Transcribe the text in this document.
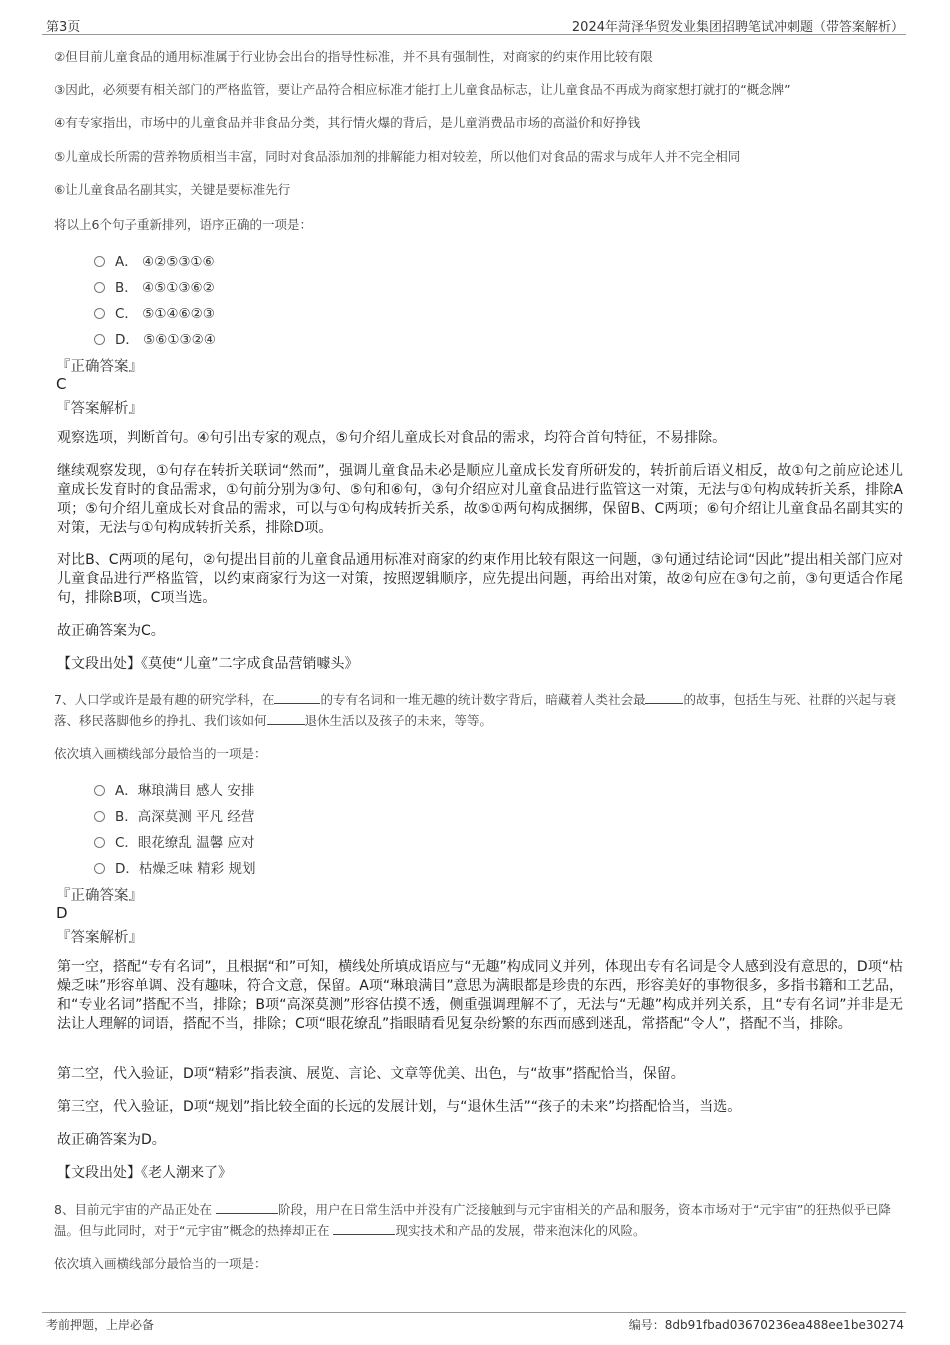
第3页	2024年菏泽华贸发业集团招聘笔试冲刺题（带答案解析）

②但目前儿童食品的通用标准属于行业协会出台的指导性标准，并不具有强制性，对商家的约束作用比较有限

③因此，必须要有相关部门的严格监管，要让产品符合相应标准才能打上儿童食品标志，让儿童食品不再成为商家想打就打的“概念牌”

④有专家指出，市场中的儿童食品并非食品分类，其行情火爆的背后，是儿童消费品市场的高溢价和好挣钱

⑤儿童成长所需的营养物质相当丰富，同时对食品添加剂的排解能力相对较差，所以他们对食品的需求与成年人并不完全相同

⑥让儿童食品名副其实，关键是要标准先行

将以上6个句子重新排列，语序正确的一项是：

A． ④②⑤③①⑥
B． ④⑤①③⑥②
C． ⑤①④⑥②③
D． ⑤⑥①③②④
『正确答案』
C
『答案解析』

观察选项，判断首句。④句引出专家的观点，⑤句介绍儿童成长对食品的需求，均符合首句特征，不易排除。

继续观察发现，①句存在转折关联词“然而”，强调儿童食品未必是顺应儿童成长发育所研发的，转折前后语义相反，故①句之前应论述儿童成长发育时的食品需求，①句前分别为③句、⑤句和⑥句，③句介绍应对儿童食品进行监管这一对策，无法与①句构成转折关系，排除A项；⑤句介绍儿童成长对食品的需求，可以与①句构成转折关系，故⑤①两句构成捆绑，保留B、C两项；⑥句介绍让儿童食品名副其实的对策，无法与①句构成转折关系，排除D项。

对比B、C两项的尾句，②句提出目前的儿童食品通用标准对商家的约束作用比较有限这一问题，③句通过结论词“因此”提出相关部门应对儿童食品进行严格监管，以约束商家行为这一对策，按照逻辑顺序，应先提出问题，再给出对策，故②句应在③句之前，③句更适合作尾句，排除B项，C项当选。

故正确答案为C。

【文段出处】《莫使“儿童”二字成食品营销噱头》

7、人口学或许是最有趣的研究学科，在	的专有名词和一堆无趣的统计数字背后，暗藏着人类社会最	的故事，包括生与死、社群的兴起与衰落、移民落脚他乡的挣扎、我们该如何	退休生活以及孩子的未来，等等。

依次填入画横线部分最恰当的一项是：

A．琳琅满目 感人 安排
B．高深莫测 平凡 经营
C．眼花缭乱 温馨 应对
D．枯燥乏味 精彩 规划
『正确答案』
D
『答案解析』

第一空，搭配“专有名词”，且根据“和”可知，横线处所填成语应与“无趣”构成同义并列，体现出专有名词是令人感到没有意思的，D项“枯燥乏味”形容单调、没有趣味，符合文意，保留。A项“琳琅满目”意思为满眼都是珍贵的东西，形容美好的事物很多，多指书籍和工艺品，和“专业名词”搭配不当，排除；B项“高深莫测”形容估摸不透，侧重强调理解不了，无法与“无趣”构成并列关系，且“专有名词”并非是无法让人理解的词语，搭配不当，排除；C项“眼花缭乱”指眼睛看见复杂纷繁的东西而感到迷乱，常搭配“令人”，搭配不当，排除。

第二空，代入验证，D项“精彩”指表演、展览、言论、文章等优美、出色，与“故事”搭配恰当，保留。

第三空，代入验证，D项“规划”指比较全面的长远的发展计划，与“退休生活”“孩子的未来”均搭配恰当，当选。

故正确答案为D。

【文段出处】《老人潮来了》

8、目前元宇宙的产品正处在	阶段，用户在日常生活中并没有广泛接触到与元宇宙相关的产品和服务，资本市场对于“元宇宙”的狂热似乎已降温。但与此同时，对于“元宇宙”概念的热捧却正在	现实技术和产品的发展，带来泡沫化的风险。

依次填入画横线部分最恰当的一项是：

考前押题，上岸必备	编号：8db91fbad03670236ea488ee1be30274
